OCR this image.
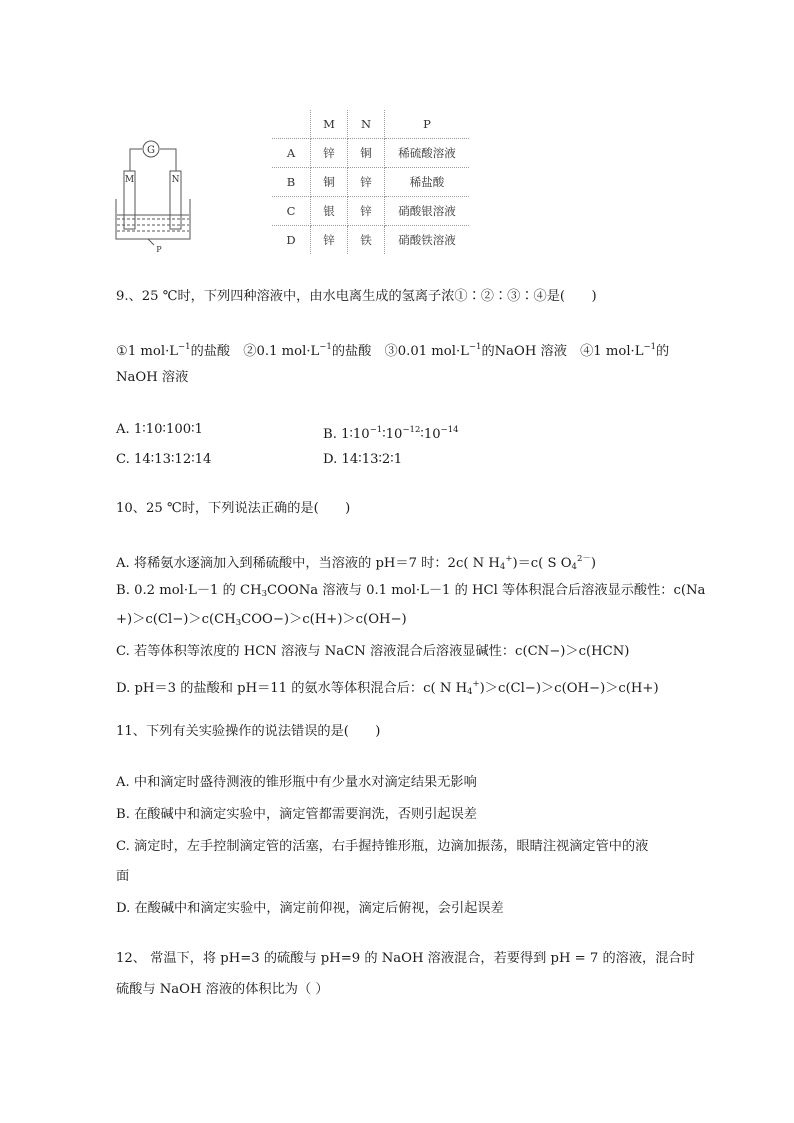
G
M	N
P
	M	N	P
A	锌	铜	稀硫酸溶液
B	铜	锌	稀盐酸
C	银	锌	硝酸银溶液
D	锌	铁	硝酸铁溶液
9.、25 ℃时，下列四种溶液中，由水电离生成的氢离子浓①∶②∶③∶④是(　　)
①1 $mol\cdot L^{-1}$的盐酸　②0.1 $mol\cdot L^{-1}$的盐酸　③0.01 $mol\cdot L^{-1}$的NaOH 溶液　④1 $mol\cdot L^{-1}$的
NaOH 溶液
A. 1∶10∶100∶1	B. $1∶10^{-1}∶10^{-12}∶10^{-14}$
C. 14∶13∶12∶14	D. 14∶13∶2∶1
10、25 ℃时，下列说法正确的是(　　)
A. 将稀氨水逐滴加入到稀硫酸中，当溶液的 pH＝7 时：2c( N $H_4^+)=c$( S $O_4^{2-}$)
B. 0.2 mol·L－1 的 $CH_3COONa$ 溶液与 0.1 mol·L－1 的 HCl 等体积混合后溶液显示酸性：c(Na
$+)>c(Cl-)>c(CH_3COO-)>c(H+)>c(OH-)$
C. 若等体积等浓度的 HCN 溶液与 NaCN 溶液混合后溶液显碱性：c(CN−)＞c(HCN)
D. pH＝3 的盐酸和 pH＝11 的氨水等体积混合后：c( N $H_4^+)>c(Cl-)>c(OH-)>c(H+)$
11、下列有关实验操作的说法错误的是(　　)
A. 中和滴定时盛待测液的锥形瓶中有少量水对滴定结果无影响
B. 在酸碱中和滴定实验中，滴定管都需要润洗，否则引起误差
C. 滴定时，左手控制滴定管的活塞，右手握持锥形瓶，边滴加振荡，眼睛注视滴定管中的液
面
D. 在酸碱中和滴定实验中，滴定前仰视，滴定后俯视，会引起误差
12、 常温下，将 pH=3 的硫酸与 pH=9 的 NaOH 溶液混合，若要得到 pH = 7 的溶液，混合时
硫酸与 NaOH 溶液的体积比为（ ）
